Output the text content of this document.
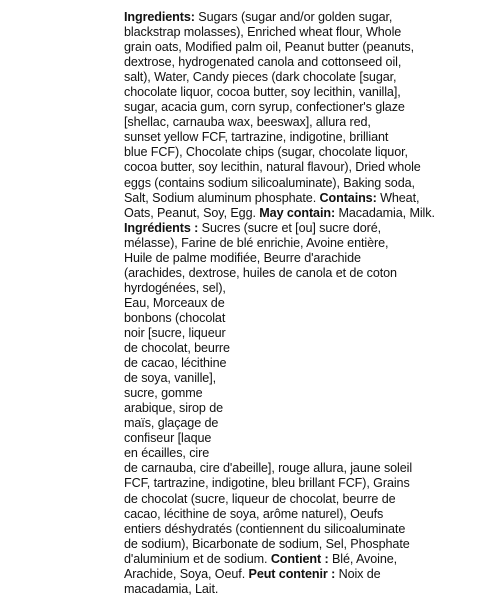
Ingredients: Sugars (sugar and/or golden sugar,
blackstrap molasses), Enriched wheat flour, Whole
grain oats, Modified palm oil, Peanut butter (peanuts,
dextrose, hydrogenated canola and cottonseed oil,
salt), Water, Candy pieces (dark chocolate [sugar,
chocolate liquor, cocoa butter, soy lecithin, vanilla],
sugar, acacia gum, corn syrup, confectioner's glaze
[shellac, carnauba wax, beeswax], allura red,
sunset yellow FCF, tartrazine, indigotine, brilliant
blue FCF), Chocolate chips (sugar, chocolate liquor,
cocoa butter, soy lecithin, natural flavour), Dried whole
eggs (contains sodium silicoaluminate), Baking soda,
Salt, Sodium aluminum phosphate. Contains: Wheat,
Oats, Peanut, Soy, Egg. May contain: Macadamia, Milk.
Ingrédients : Sucres (sucre et [ou] sucre doré,
mélasse), Farine de blé enrichie, Avoine entière,
Huile de palme modifiée, Beurre d'arachide
(arachides, dextrose, huiles de canola et de coton
hyrdogénées, sel),
Eau, Morceaux de
bonbons (chocolat
noir [sucre, liqueur
de chocolat, beurre
de cacao, lécithine
de soya, vanille],
sucre, gomme
arabique, sirop de
maïs, glaçage de
confiseur [laque
en écailles, cire
de carnauba, cire d'abeille], rouge allura, jaune soleil
FCF, tartrazine, indigotine, bleu brillant FCF), Grains
de chocolat (sucre, liqueur de chocolat, beurre de
cacao, lécithine de soya, arôme naturel), Oeufs
entiers déshydratés (contiennent du silicoaluminate
de sodium), Bicarbonate de sodium, Sel, Phosphate
d'aluminium et de sodium. Contient : Blé, Avoine,
Arachide, Soya, Oeuf. Peut contenir : Noix de
macadamia, Lait.
